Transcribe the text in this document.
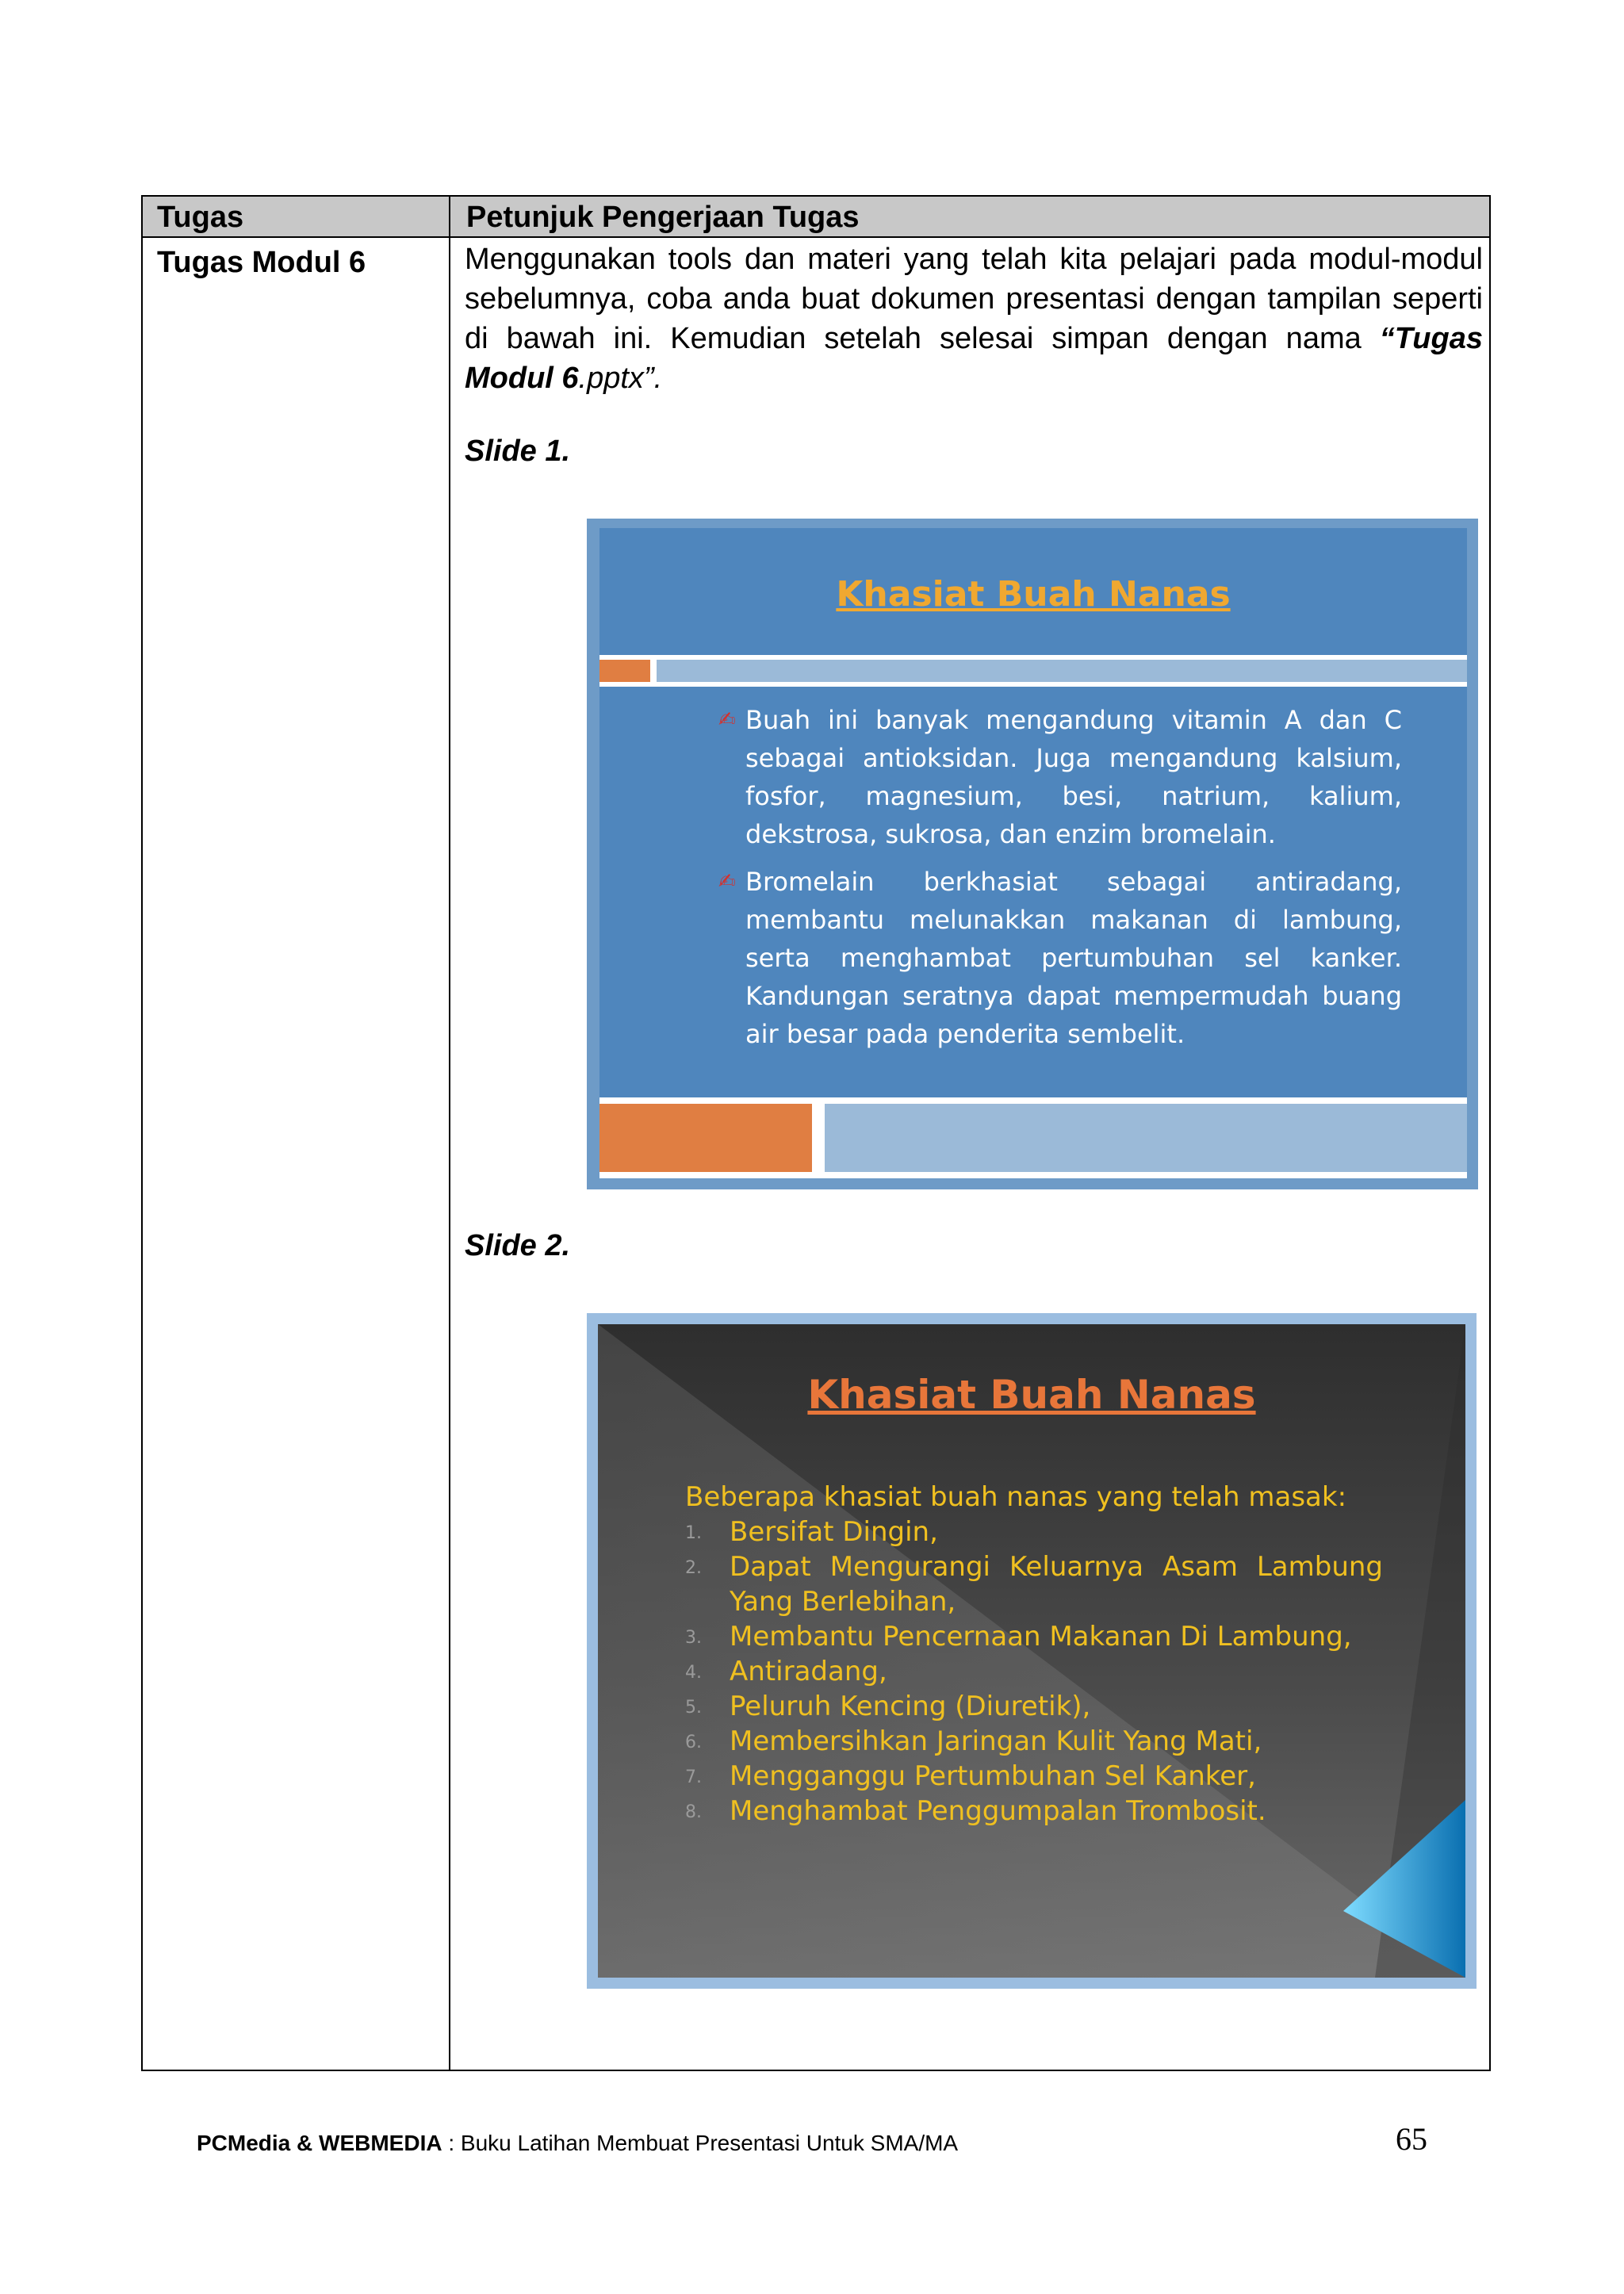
Tugas	Petunjuk Pengerjaan Tugas
Tugas Modul 6	Menggunakan tools dan materi yang telah kita pelajari pada modul-modul sebelumnya, coba anda buat dokumen presentasi dengan tampilan seperti di bawah ini. Kemudian setelah selesai simpan dengan nama “Tugas Modul 6.pptx”.

Slide 1.
Slide 2.
Khasiat Buah Nanas
✍ Buah ini banyak mengandung vitamin A dan C sebagai antioksidan. Juga mengandung kalsium, fosfor, magnesium, besi, natrium, kalium, dekstrosa, sukrosa, dan enzim bromelain.
✍ Bromelain berkhasiat sebagai antiradang, membantu melunakkan makanan di lambung, serta menghambat pertumbuhan sel kanker. Kandungan seratnya dapat mempermudah buang air besar pada penderita sembelit.
Khasiat Buah Nanas
Beberapa khasiat buah nanas yang telah masak:
1. Bersifat Dingin,
2. Dapat Mengurangi Keluarnya Asam Lambung Yang Berlebihan,
3. Membantu Pencernaan Makanan Di Lambung,
4. Antiradang,
5. Peluruh Kencing (Diuretik),
6. Membersihkan Jaringan Kulit Yang Mati,
7. Mengganggu Pertumbuhan Sel Kanker,
8. Menghambat Penggumpalan Trombosit.
PCMedia & WEBMEDIA : Buku Latihan Membuat Presentasi Untuk SMA/MA	65
